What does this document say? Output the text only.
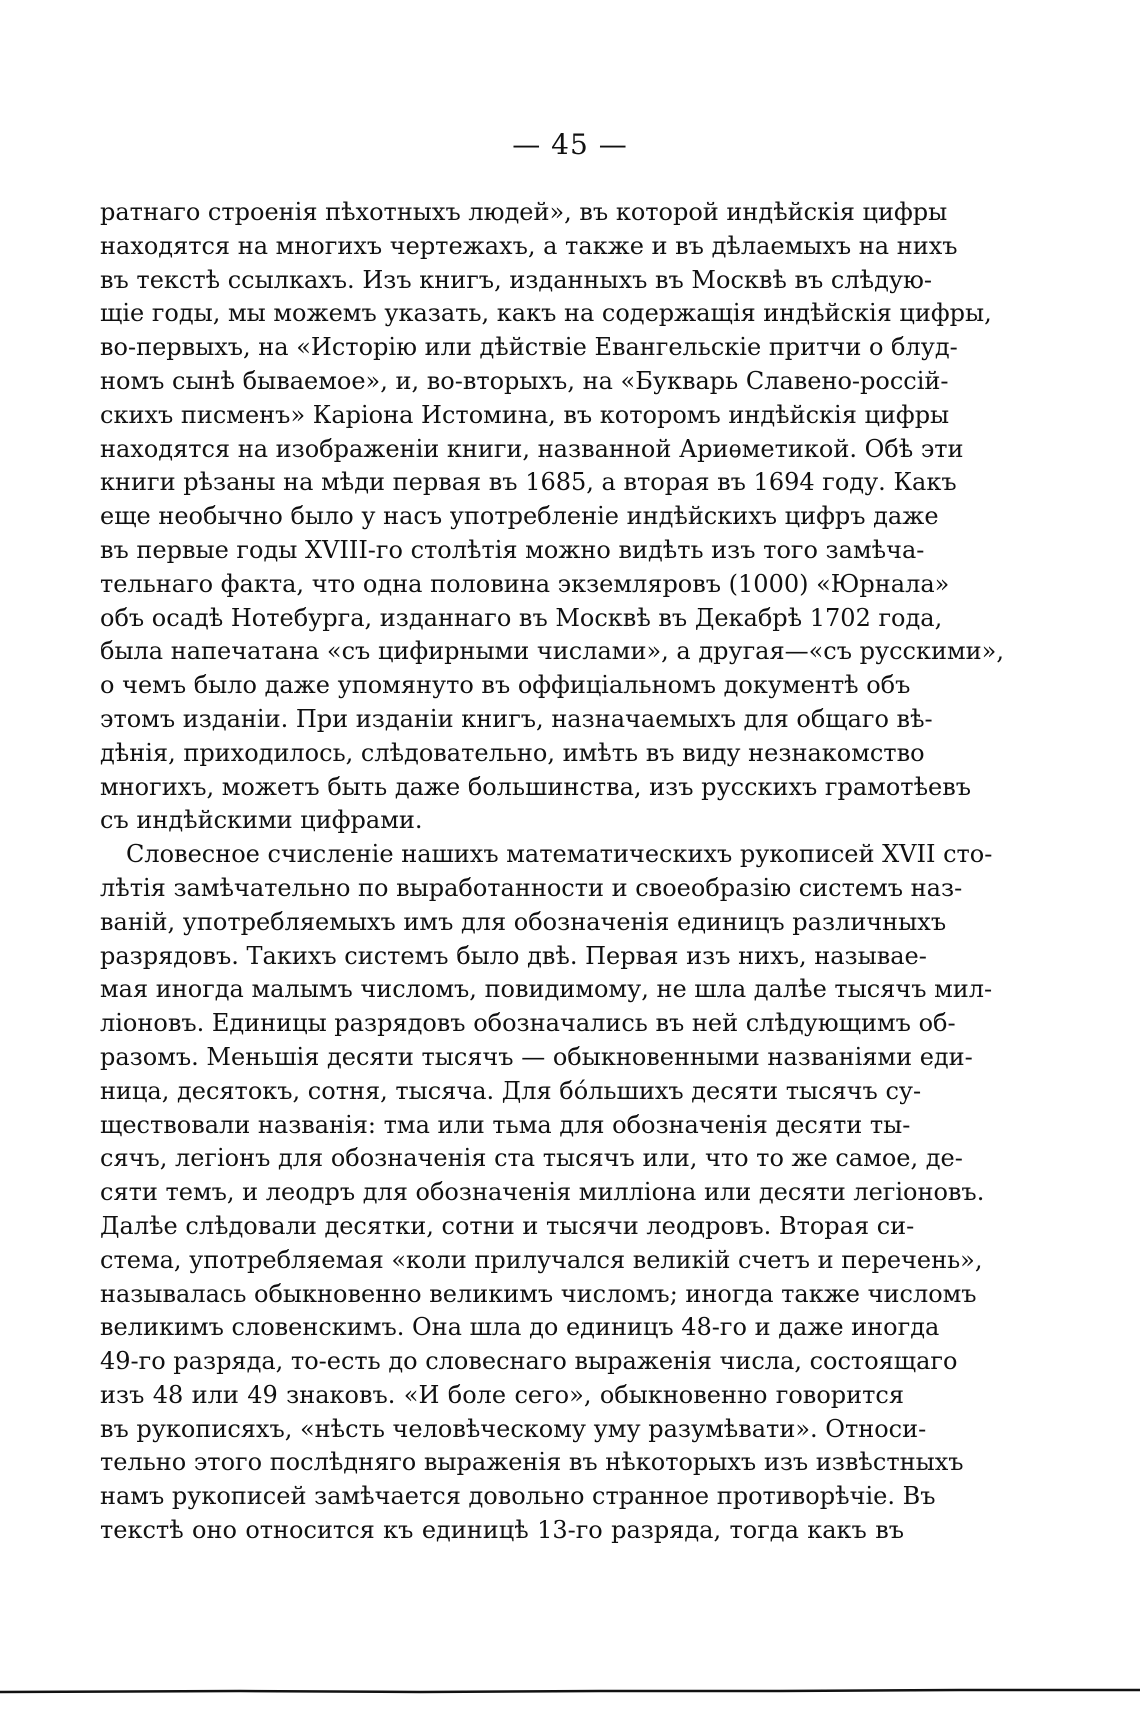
— 45 —
ратнаго строенія пѣхотныхъ людей», въ которой индѣйскія цифры
находятся на многихъ чертежахъ, а также и въ дѣлаемыхъ на нихъ
въ текстѣ ссылкахъ. Изъ книгъ, изданныхъ въ Москвѣ въ слѣдую-
щіе годы, мы можемъ указать, какъ на содержащія индѣйскія цифры,
во-первыхъ, на «Исторію или дѣйствіе Евангельскіе притчи о блуд-
номъ сынѣ бываемое», и, во-вторыхъ, на «Букварь Славено-россій-
скихъ писменъ» Каріона Истомина, въ которомъ индѣйскія цифры
находятся на изображеніи книги, названной Ариѳметикой. Обѣ эти
книги рѣзаны на мѣди первая въ 1685, а вторая въ 1694 году. Какъ
еще необычно было у насъ употребленіе индѣйскихъ цифръ даже
въ первые годы XVIII-го столѣтія можно видѣть изъ того замѣча-
тельнаго факта, что одна половина экземляровъ (1000) «Юрнала»
объ осадѣ Нотебурга, изданнаго въ Москвѣ въ Декабрѣ 1702 года,
была напечатана «съ цифирными числами», а другая—«съ русскими»,
о чемъ было даже упомянуто въ оффиціальномъ документѣ объ
этомъ изданіи. При изданіи книгъ, назначаемыхъ для общаго вѣ-
дѣнія, приходилось, слѣдовательно, имѣть въ виду незнакомство
многихъ, можетъ быть даже большинства, изъ русскихъ грамотѣевъ
съ индѣйскими цифрами.
Словесное счисленіе нашихъ математическихъ рукописей XVII сто-
лѣтія замѣчательно по выработанности и своеобразію системъ наз-
ваній, употребляемыхъ имъ для обозначенія единицъ различныхъ
разрядовъ. Такихъ системъ было двѣ. Первая изъ нихъ, называе-
мая иногда малымъ числомъ, повидимому, не шла далѣе тысячъ мил-
ліоновъ. Единицы разрядовъ обозначались въ ней слѣдующимъ об-
разомъ. Меньшія десяти тысячъ — обыкновенными названіями еди-
ница, десятокъ, сотня, тысяча. Для бо́льшихъ десяти тысячъ су-
ществовали названія: тма или тьма для обозначенія десяти ты-
сячъ, легіонъ для обозначенія ста тысячъ или, что то же самое, де-
сяти темъ, и леодръ для обозначенія милліона или десяти легіоновъ.
Далѣе слѣдовали десятки, сотни и тысячи леодровъ. Вторая си-
стема, употребляемая «коли прилучался великій счетъ и перечень»,
называлась обыкновенно великимъ числомъ; иногда также числомъ
великимъ словенскимъ. Она шла до единицъ 48-го и даже иногда
49-го разряда, то-есть до словеснаго выраженія числа, состоящаго
изъ 48 или 49 знаковъ. «И боле сего», обыкновенно говорится
въ рукописяхъ, «нѣсть человѣческому уму разумѣвати». Относи-
тельно этого послѣдняго выраженія въ нѣкоторыхъ изъ извѣстныхъ
намъ рукописей замѣчается довольно странное противорѣчіе. Въ
текстѣ оно относится къ единицѣ 13-го разряда, тогда какъ въ
